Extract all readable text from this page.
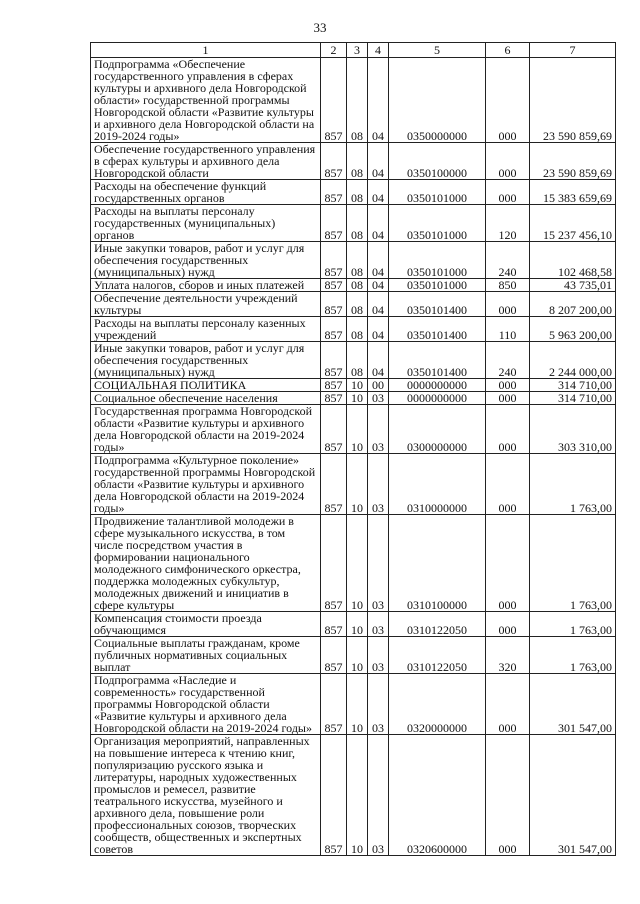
33
1	2	3	4	5	6	7
Подпрограмма «Обеспечение государственного управления в сферах культуры и архивного дела Новгородской области» государственной программы Новгородской области «Развитие культуры и архивного дела Новгородской области на 2019-2024 годы»	857	08	04	0350000000	000	23 590 859,69
Обеспечение государственного управления в сферах культуры и архивного дела Новгородской области	857	08	04	0350100000	000	23 590 859,69
Расходы на обеспечение функций государственных органов	857	08	04	0350101000	000	15 383 659,69
Расходы на выплаты персоналу государственных (муниципальных) органов	857	08	04	0350101000	120	15 237 456,10
Иные закупки товаров, работ и услуг для обеспечения государственных (муниципальных) нужд	857	08	04	0350101000	240	102 468,58
Уплата налогов, сборов и иных платежей	857	08	04	0350101000	850	43 735,01
Обеспечение деятельности учреждений культуры	857	08	04	0350101400	000	8 207 200,00
Расходы на выплаты персоналу казенных учреждений	857	08	04	0350101400	110	5 963 200,00
Иные закупки товаров, работ и услуг для обеспечения государственных (муниципальных) нужд	857	08	04	0350101400	240	2 244 000,00
СОЦИАЛЬНАЯ ПОЛИТИКА	857	10	00	0000000000	000	314 710,00
Социальное обеспечение населения	857	10	03	0000000000	000	314 710,00
Государственная программа Новгородской области «Развитие культуры и архивного дела Новгородской области на 2019-2024 годы»	857	10	03	0300000000	000	303 310,00
Подпрограмма «Культурное поколение» государственной программы Новгородской области «Развитие культуры и архивного дела Новгородской области на 2019-2024 годы»	857	10	03	0310000000	000	1 763,00
Продвижение талантливой молодежи в сфере музыкального искусства, в том числе посредством участия в формировании национального молодежного симфонического оркестра, поддержка молодежных субкультур, молодежных движений и инициатив в сфере культуры	857	10	03	0310100000	000	1 763,00
Компенсация стоимости проезда обучающимся	857	10	03	0310122050	000	1 763,00
Социальные выплаты гражданам, кроме публичных нормативных социальных выплат	857	10	03	0310122050	320	1 763,00
Подпрограмма «Наследие и современность» государственной программы Новгородской области «Развитие культуры и архивного дела Новгородской области на 2019-2024 годы»	857	10	03	0320000000	000	301 547,00
Организация мероприятий, направленных на повышение интереса к чтению книг, популяризацию русского языка и литературы, народных художественных промыслов и ремесел, развитие театрального искусства, музейного и архивного дела, повышение роли профессиональных союзов, творческих сообществ, общественных и экспертных советов	857	10	03	0320600000	000	301 547,00
